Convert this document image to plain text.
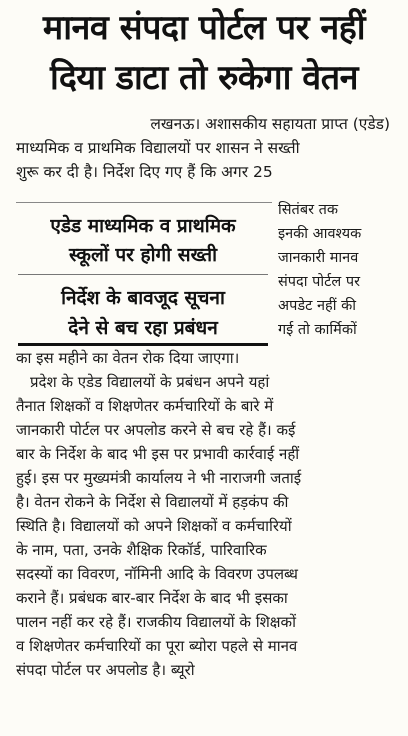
मानव संपदा पोर्टल पर नहीं
दिया डाटा तो रुकेगा वेतन
लखनऊ। अशासकीय सहायता प्राप्त (एडेड)
माध्यमिक व प्राथमिक विद्यालयों पर शासन ने सख्ती
शुरू कर दी है। निर्देश दिए गए हैं कि अगर 25
एडेड माध्यमिक व प्राथमिक
स्कूलों पर होगी सख्ती
निर्देश के बावजूद सूचना
देने से बच रहा प्रबंधन
सितंबर तक
इनकी आवश्यक
जानकारी मानव
संपदा पोर्टल पर
अपडेट नहीं की
गई तो कार्मिकों
का इस महीने का वेतन रोक दिया जाएगा।
प्रदेश के एडेड विद्यालयों के प्रबंधन अपने यहां
तैनात शिक्षकों व शिक्षणेतर कर्मचारियों के बारे में
जानकारी पोर्टल पर अपलोड करने से बच रहे हैं। कई
बार के निर्देश के बाद भी इस पर प्रभावी कार्रवाई नहीं
हुई। इस पर मुख्यमंत्री कार्यालय ने भी नाराजगी जताई
है। वेतन रोकने के निर्देश से विद्यालयों में हड़कंप की
स्थिति है। विद्यालयों को अपने शिक्षकों व कर्मचारियों
के नाम, पता, उनके शैक्षिक रिकॉर्ड, पारिवारिक
सदस्यों का विवरण, नॉमिनी आदि के विवरण उपलब्ध
कराने हैं। प्रबंधक बार-बार निर्देश के बाद भी इसका
पालन नहीं कर रहे हैं। राजकीय विद्यालयों के शिक्षकों
व शिक्षणेतर कर्मचारियों का पूरा ब्योरा पहले से मानव
संपदा पोर्टल पर अपलोड है। ब्यूरो
